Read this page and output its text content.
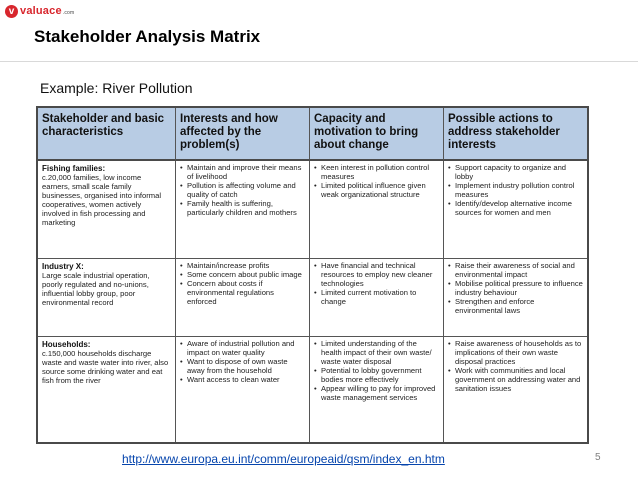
v valuace.com
Stakeholder Analysis Matrix
Example: River Pollution
Stakeholder and basic characteristics
Interests and how affected by the problem(s)
Capacity and motivation to bring about change
Possible actions to address stakeholder interests
Fishing families:
c.20,000 families, low income earners, small scale family businesses, organised into informal cooperatives, women actively involved in fish processing and marketing
• Maintain and improve their means of livelihood
• Pollution is affecting volume and quality of catch
• Family health is suffering, particularly children and mothers
• Keen interest in pollution control measures
• Limited political influence given weak organizational structure
• Support capacity to organize and lobby
• Implement industry pollution control measures
• Identify/develop alternative income sources for women and men
Industry X:
Large scale industrial operation, poorly regulated and no-unions, influential lobby group, poor environmental record
• Maintain/increase profits
• Some concern about public image
• Concern about costs if environmental regulations enforced
• Have financial and technical resources to employ new cleaner technologies
• Limited current motivation to change
• Raise their awareness of social and environmental impact
• Mobilise political pressure to influence industry behaviour
• Strengthen and enforce environmental laws
Households:
c.150,000 households discharge waste and waste water into river, also source some drinking water and eat fish from the river
• Aware of industrial pollution and impact on water quality
• Want to dispose of own waste away from the household
• Want access to clean water
• Limited understanding of the health impact of their own waste/ waste water disposal
• Potential to lobby government bodies more effectively
• Appear willing to pay for improved waste management services
• Raise awareness of households as to implications of their own waste disposal practices
• Work with communities and local government on addressing water and sanitation issues
http://www.europa.eu.int/comm/europeaid/qsm/index_en.htm	5
